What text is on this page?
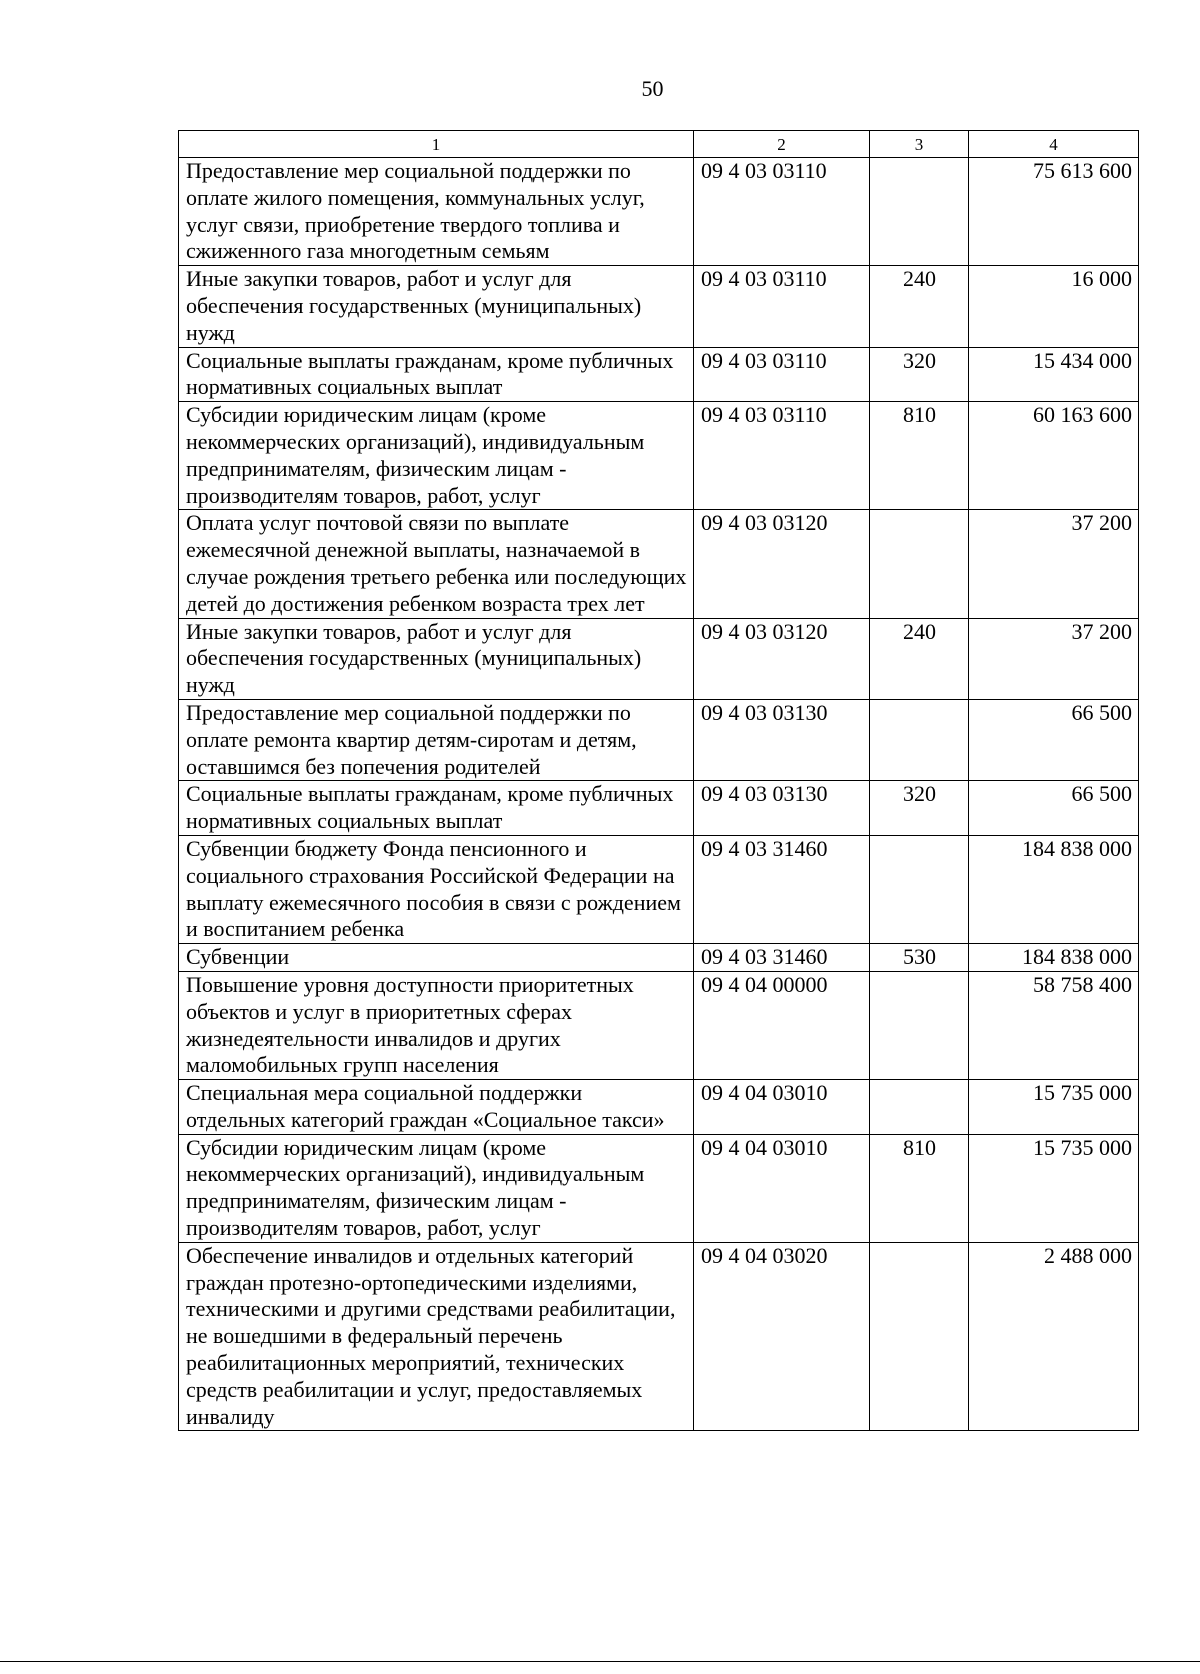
50
1	2	3	4
Предоставление мер социальной поддержки по оплате жилого помещения, коммунальных услуг, услуг связи, приобретение твердого топлива и сжиженного газа многодетным семьям	09 4 03 03110		75 613 600
Иные закупки товаров, работ и услуг для обеспечения государственных (муниципальных) нужд	09 4 03 03110	240	16 000
Социальные выплаты гражданам, кроме публичных нормативных социальных выплат	09 4 03 03110	320	15 434 000
Субсидии юридическим лицам (кроме некоммерческих организаций), индивидуальным предпринимателям, физическим лицам - производителям товаров, работ, услуг	09 4 03 03110	810	60 163 600
Оплата услуг почтовой связи по выплате ежемесячной денежной выплаты, назначаемой в случае рождения третьего ребенка или последующих детей до достижения ребенком возраста трех лет	09 4 03 03120		37 200
Иные закупки товаров, работ и услуг для обеспечения государственных (муниципальных) нужд	09 4 03 03120	240	37 200
Предоставление мер социальной поддержки по оплате ремонта квартир детям-сиротам и детям, оставшимся без попечения родителей	09 4 03 03130		66 500
Социальные выплаты гражданам, кроме публичных нормативных социальных выплат	09 4 03 03130	320	66 500
Субвенции бюджету Фонда пенсионного и социального страхования Российской Федерации на выплату ежемесячного пособия в связи с рождением и воспитанием ребенка	09 4 03 31460		184 838 000
Субвенции	09 4 03 31460	530	184 838 000
Повышение уровня доступности приоритетных объектов и услуг в приоритетных сферах жизнедеятельности инвалидов и других маломобильных групп населения	09 4 04 00000		58 758 400
Специальная мера социальной поддержки отдельных категорий граждан «Социальное такси»	09 4 04 03010		15 735 000
Субсидии юридическим лицам (кроме некоммерческих организаций), индивидуальным предпринимателям, физическим лицам - производителям товаров, работ, услуг	09 4 04 03010	810	15 735 000
Обеспечение инвалидов и отдельных категорий граждан протезно-ортопедическими изделиями, техническими и другими средствами реабилитации, не вошедшими в федеральный перечень реабилитационных мероприятий, технических средств реабилитации и услуг, предоставляемых инвалиду	09 4 04 03020		2 488 000
